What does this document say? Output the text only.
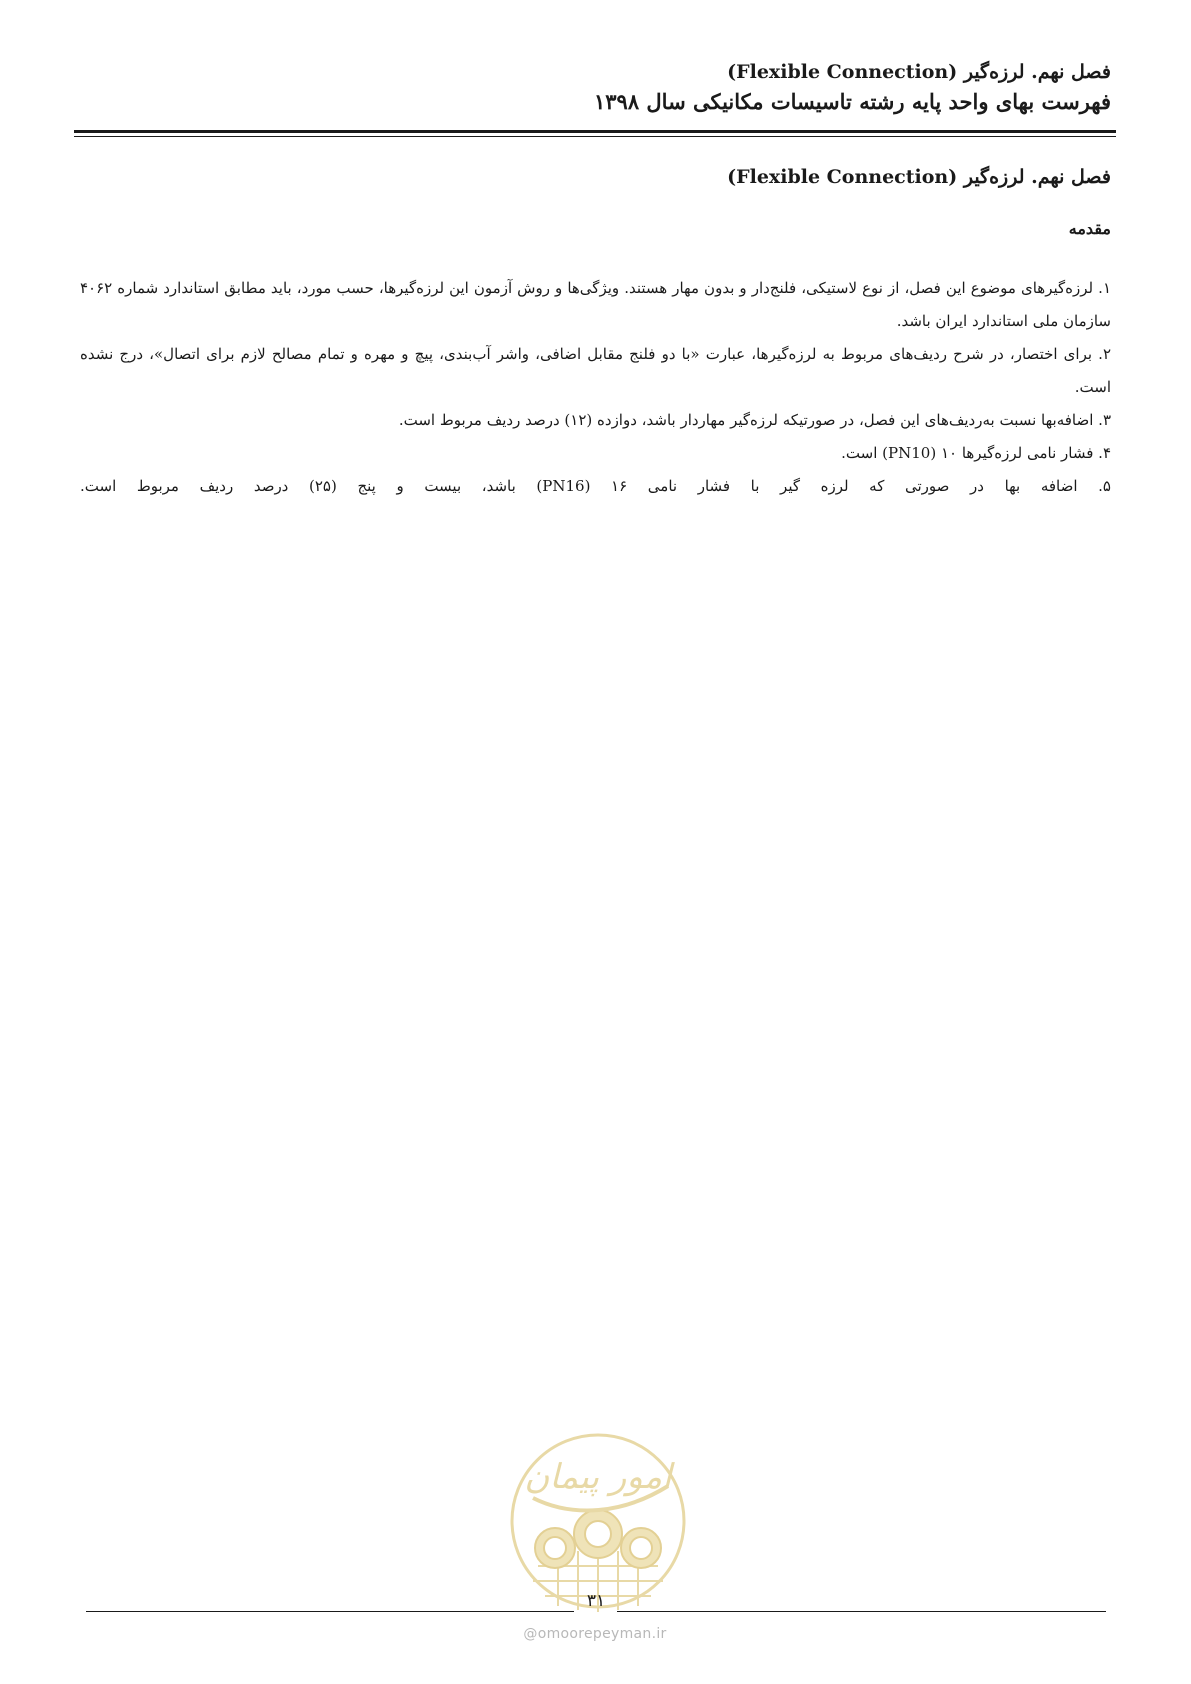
فصل نهم. لرزه‌گیر (Flexible Connection)
فهرست بهای واحد پایه رشته تاسیسات مکانیکی سال ۱۳۹۸
فصل نهم. لرزه‌گیر (Flexible Connection)
مقدمه

۱. لرزه‌گیرهای موضوع این فصل، از نوع لاستیکی، فلنج‌دار و بدون مهار هستند. ویژگی‌ها و روش آزمون این لرزه‌گیرها، حسب مورد، باید مطابق استاندارد شماره ۴۰۶۲ سازمان ملی استاندارد ایران باشد.

۲. برای اختصار، در شرح ردیف‌های مربوط به لرزه‌گیرها، عبارت «با دو فلنج مقابل اضافی، واشر آب‌بندی، پیچ و مهره و تمام مصالح لازم برای اتصال»، درج نشده است.

۳. اضافه‌بها نسبت به‌ردیف‌های این فصل، در صورتیکه لرزه‌گیر مهاردار باشد، دوازده (۱۲) درصد ردیف مربوط است.

۴. فشار نامی لرزه‌گیرها ۱۰ (PN10) است.

۵. اضافه بها در صورتی که لرزه گیر با فشار نامی ۱۶ (PN16) باشد، بیست و پنج (۲۵) درصد ردیف مربوط است.

امور پیمان
۳۱
@omoorepeyman.ir
